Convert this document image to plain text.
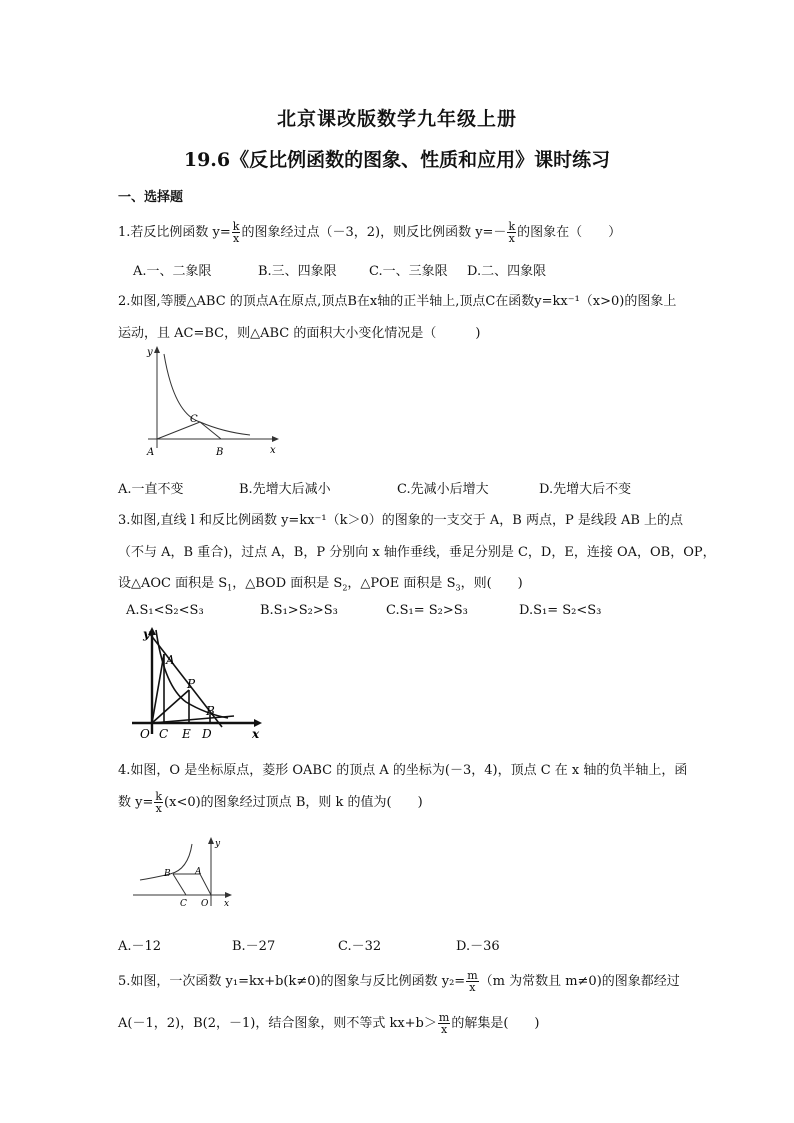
北京课改版数学九年级上册
19.6《反比例函数的图象、性质和应用》课时练习
一、选择题
1.若反比例函数 $y= \frac{k}{x}$ 的图象经过点（－3，2)，则反比例函数 $y=- \frac{k}{x}$ 的图象在（　　）
A.一、二象限	B.三、四象限 C.一、三象限 D.二、四象限
2.如图,等腰△ABC 的顶点A在原点,顶点B在x轴的正半轴上,顶点C在函数y=kx⁻¹（x>0)的图象上
运动，且 AC=BC，则△ABC 的面积大小变化情况是（　　　)
y
x
A	B
C
A.一直不变	B.先增大后减小	C.先减小后增大	D.先增大后不变
3.如图,直线 l 和反比例函数 y=kx⁻¹（k＞0）的图象的一支交于 A，B 两点，P 是线段 AB 上的点
（不与 A，B 重合)，过点 A，B，P 分别向 x 轴作垂线，垂足分别是 C，D，E，连接 OA，OB，OP，
设△AOC 面积是 $S_1$，△BOD 面积是 $S_2$，△POE 面积是 $S_3$，则(　　)
A.S₁<S₂<S₃	B.S₁>S₂>S₃	C.S₁= S₂>S₃	D.S₁= S₂<S₃
y
x
O C E D
A
P
B
4.如图，O 是坐标原点，菱形 OABC 的顶点 A 的坐标为(－3，4)，顶点 C 在 x 轴的负半轴上，函
数 $y= \frac{k}{x} (x<0)$的图象经过顶点 B，则 k 的值为(　　)
y
x
O
C
A
B
A.－12	B.－27	C.－32	D.－36
5.如图，一次函数 y₁=kx+b(k≠0)的图象与反比例函数 $y_2= \frac{m}{x} (m$ 为常数且 m≠0)的图象都经过
A(－1，2)，B(2，－1)，结合图象，则不等式 $kx+b> \frac{m}{x}$ 的解集是(　　)
